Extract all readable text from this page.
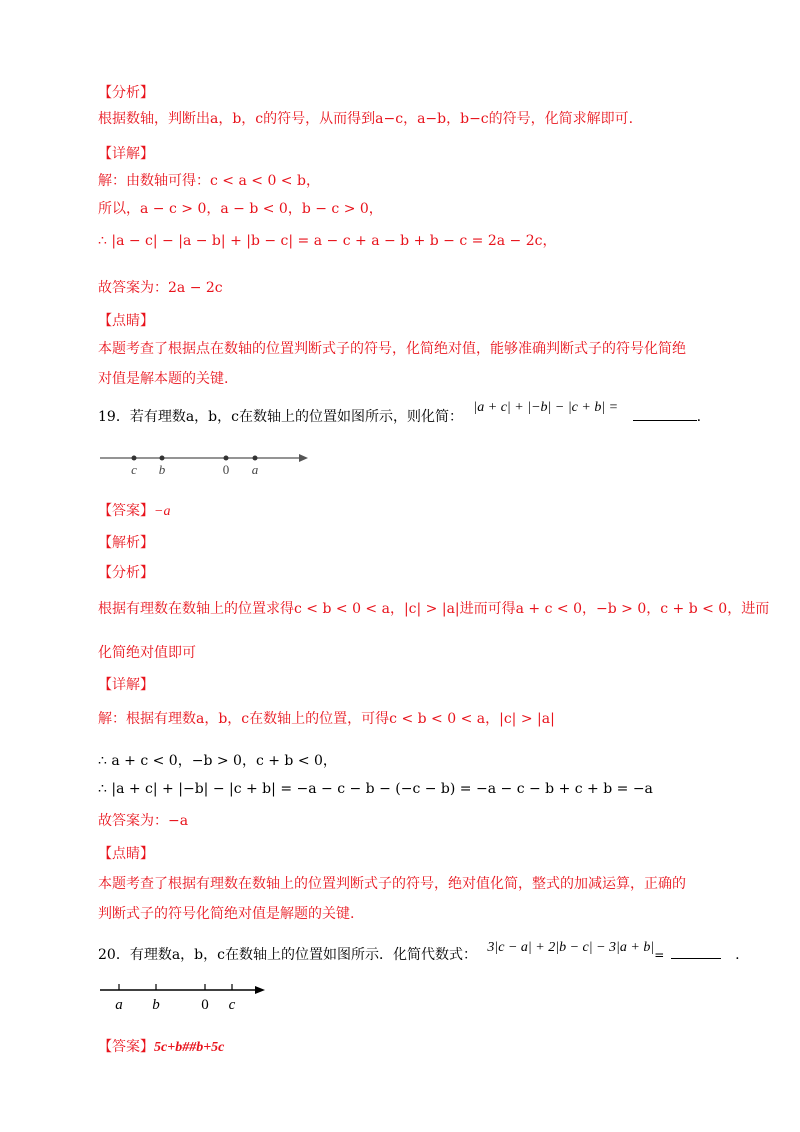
【分析】
根据数轴，判断出a，b，c的符号，从而得到a−c，a−b，b−c的符号，化简求解即可.
【详解】
解：由数轴可得：c < a < 0 < b，
所以，a − c > 0，a − b < 0，b − c > 0，
∴ |a − c| − |a − b| + |b − c| = a − c + a − b + b − c = 2a − 2c，
故答案为：2a − 2c
【点睛】
本题考查了根据点在数轴的位置判断式子的符号，化简绝对值，能够准确判断式子的符号化简绝
对值是解本题的关键.
19．若有理数a，b，c在数轴上的位置如图所示，则化简： |a + c| + |−b| − |c + b| = .
c b	0 a
【答案】−a
【解析】
【分析】
根据有理数在数轴上的位置求得c < b < 0 < a，|c| > |a|进而可得a + c < 0，−b > 0，c + b < 0，进而
化简绝对值即可
【详解】
解：根据有理数a，b，c在数轴上的位置，可得c < b < 0 < a，|c| > |a|
∴ a + c < 0，−b > 0，c + b < 0，
∴ |a + c| + |−b| − |c + b| = −a − c − b − (−c − b) = −a − c − b + c + b = −a
故答案为：−a
【点睛】
本题考查了根据有理数在数轴上的位置判断式子的符号，绝对值化简，整式的加减运算，正确的
判断式子的符号化简绝对值是解题的关键.
20．有理数a，b，c在数轴上的位置如图所示．化简代数式： 3|c − a| + 2|b − c| − 3|a + b|=	.
a b	0 c
【答案】5c+b##b+5c
